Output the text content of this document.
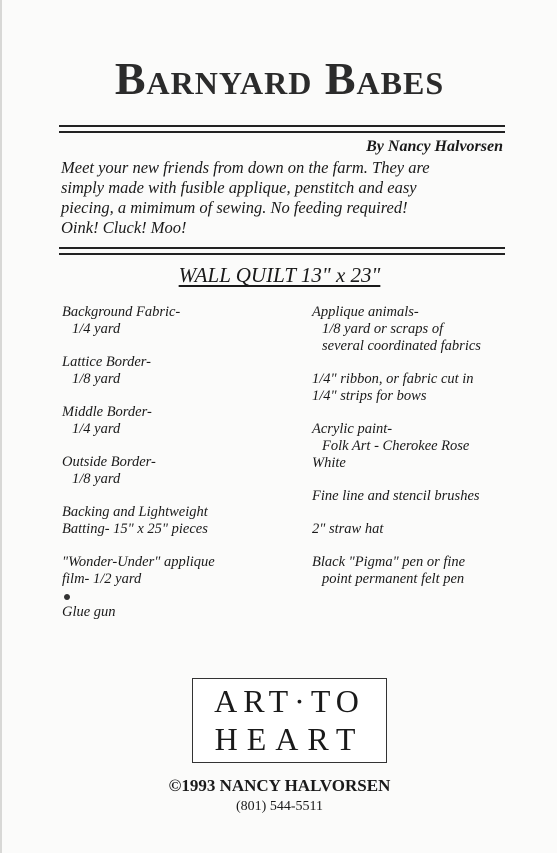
Barnyard Babes
By Nancy Halvorsen
Meet your new friends from down on the farm. They are
simply made with fusible applique, penstitch and easy
piecing, a mimimum of sewing. No feeding required!
Oink! Cluck! Moo!
WALL QUILT 13" x 23"
Background Fabric-
1/4 yard
Lattice Border-
1/8 yard
Middle Border-
1/4 yard
Outside Border-
1/8 yard
Backing and Lightweight
Batting- 15" x 25" pieces
"Wonder-Under" applique
film- 1/2 yard
Glue gun
Applique animals-
1/8 yard or scraps of
several coordinated fabrics
1/4" ribbon, or fabric cut in
1/4" strips for bows
Acrylic paint-
Folk Art - Cherokee Rose
White
Fine line and stencil brushes
2" straw hat
Black "Pigma" pen or fine
point permanent felt pen
ART·TO
HEART
©1993 NANCY HALVORSEN
(801) 544-5511
